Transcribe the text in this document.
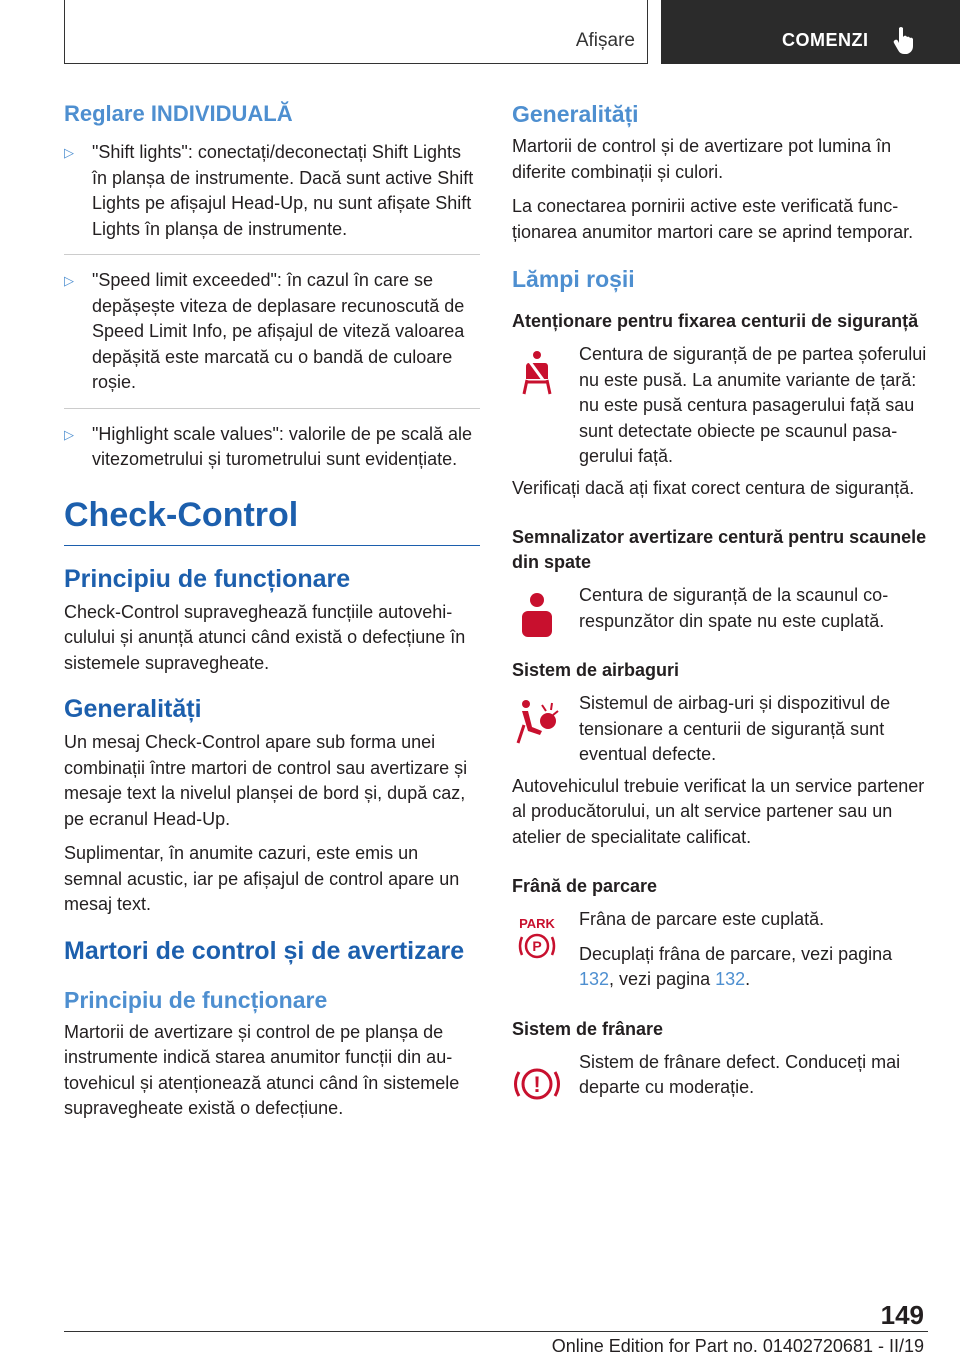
Afișare	COMENZI
Reglare INDIVIDUALĂ
▷ "Shift lights": conectați/deconectați Shift Lights în planșa de instrumente. Dacă sunt active Shift Lights pe afișajul Head-Up, nu sunt afișate Shift Lights în planșa de instrumente.
▷ "Speed limit exceeded": în cazul în care se depășește viteza de deplasare recunoscută de Speed Limit Info, pe afișajul de viteză valoarea depășită este marcată cu o bandă de culoare roșie.
▷ "Highlight scale values": valorile de pe scală ale vitezometrului și turometrului sunt evidențiate.
Check-Control
Principiu de funcționare

Check-Control supraveghează funcțiile autovehiculului și anunță atunci când există o defecțiune în sistemele supravegheate.

Generalități

Un mesaj Check-Control apare sub forma unei combinații între martori de control sau avertizare și mesaje text la nivelul planșei de bord și, după caz, pe ecranul Head-Up.

Suplimentar, în anumite cazuri, este emis un semnal acustic, iar pe afișajul de control apare un mesaj text.

Martori de control și de avertizare
Principiu de funcționare

Martorii de avertizare și control de pe planșa de instrumente indică starea anumitor funcții din autovehicul și atenționează atunci când în sistemele supravegheate există o defecțiune.

Generalități

Martorii de control și de avertizare pot lumina în diferite combinații și culori.

La conectarea pornirii active este verificată funcționarea anumitor martori care se aprind temporar.

Lămpi roșii
Atenționare pentru fixarea centurii de siguranță
Centura de siguranță de pe partea șoferului nu este pusă. La anumite variante de țară: nu este pusă centura pasagerului față sau sunt detectate obiecte pe scaunul pasagerului față.

Verificați dacă ați fixat corect centura de siguranță.

Semnalizator avertizare centură pentru scaunele din spate
Centura de siguranță de la scaunul corespunzător din spate nu este cuplată.
Sistem de airbaguri
Sistemul de airbag-uri și dispozitivul de tensionare a centurii de siguranță sunt eventual defecte.

Autovehiculul trebuie verificat la un service partener al producătorului, un alt service partener sau un atelier de specialitate calificat.

Frână de parcare
PARK
P
Frâna de parcare este cuplată.
Decuplați frâna de parcare, vezi pagina 132, vezi pagina 132.
Sistem de frânare
!
Sistem de frânare defect. Conduceți mai departe cu moderație.
149
Online Edition for Part no. 01402720681 - II/19
